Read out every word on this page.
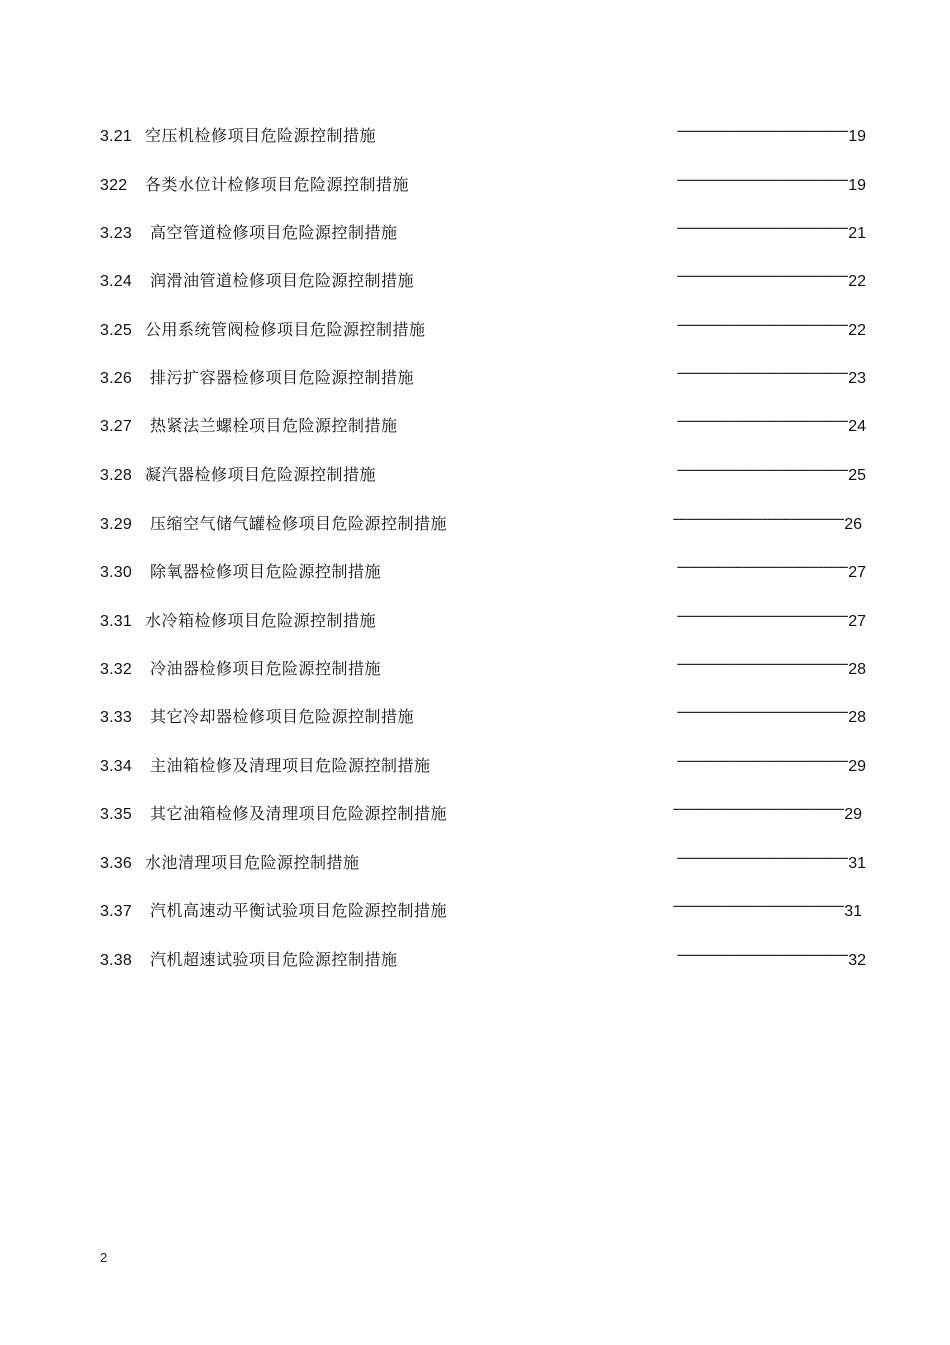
3.21 空压机检修项目危险源控制措施 . . .	19
322	各类水位计检修项目危险源控制措施 . . .	19
3.23	高空管道检修项目危险源控制措施 . . .	21
3.24	润滑油管道检修项目危险源控制措施 . . .	22
3.25 公用系统管阀检修项目危险源控制措施 . . .	22
3.26	排污扩容器检修项目危险源控制措施 . . .	23
3.27	热紧法兰螺栓项目危险源控制措施 . . .	24
3.28 凝汽器检修项目危险源控制措施 . . .	25
3.29	压缩空气储气罐检修项目危险源控制措施 . . .	26
3.30	除氧器检修项目危险源控制措施 . . .	27
3.31 水冷箱检修项目危险源控制措施 . . .	27
3.32	冷油器检修项目危险源控制措施 . . .	28
3.33	其它冷却器检修项目危险源控制措施 . . .	28
3.34	主油箱检修及清理项目危险源控制措施 . . .	29
3.35	其它油箱检修及清理项目危险源控制措施 . . .	29
3.36 水池清理项目危险源控制措施 . . .	31
3.37	汽机高速动平衡试验项目危险源控制措施 . . .	31
3.38	汽机超速试验项目危险源控制措施 . . .	32
2
